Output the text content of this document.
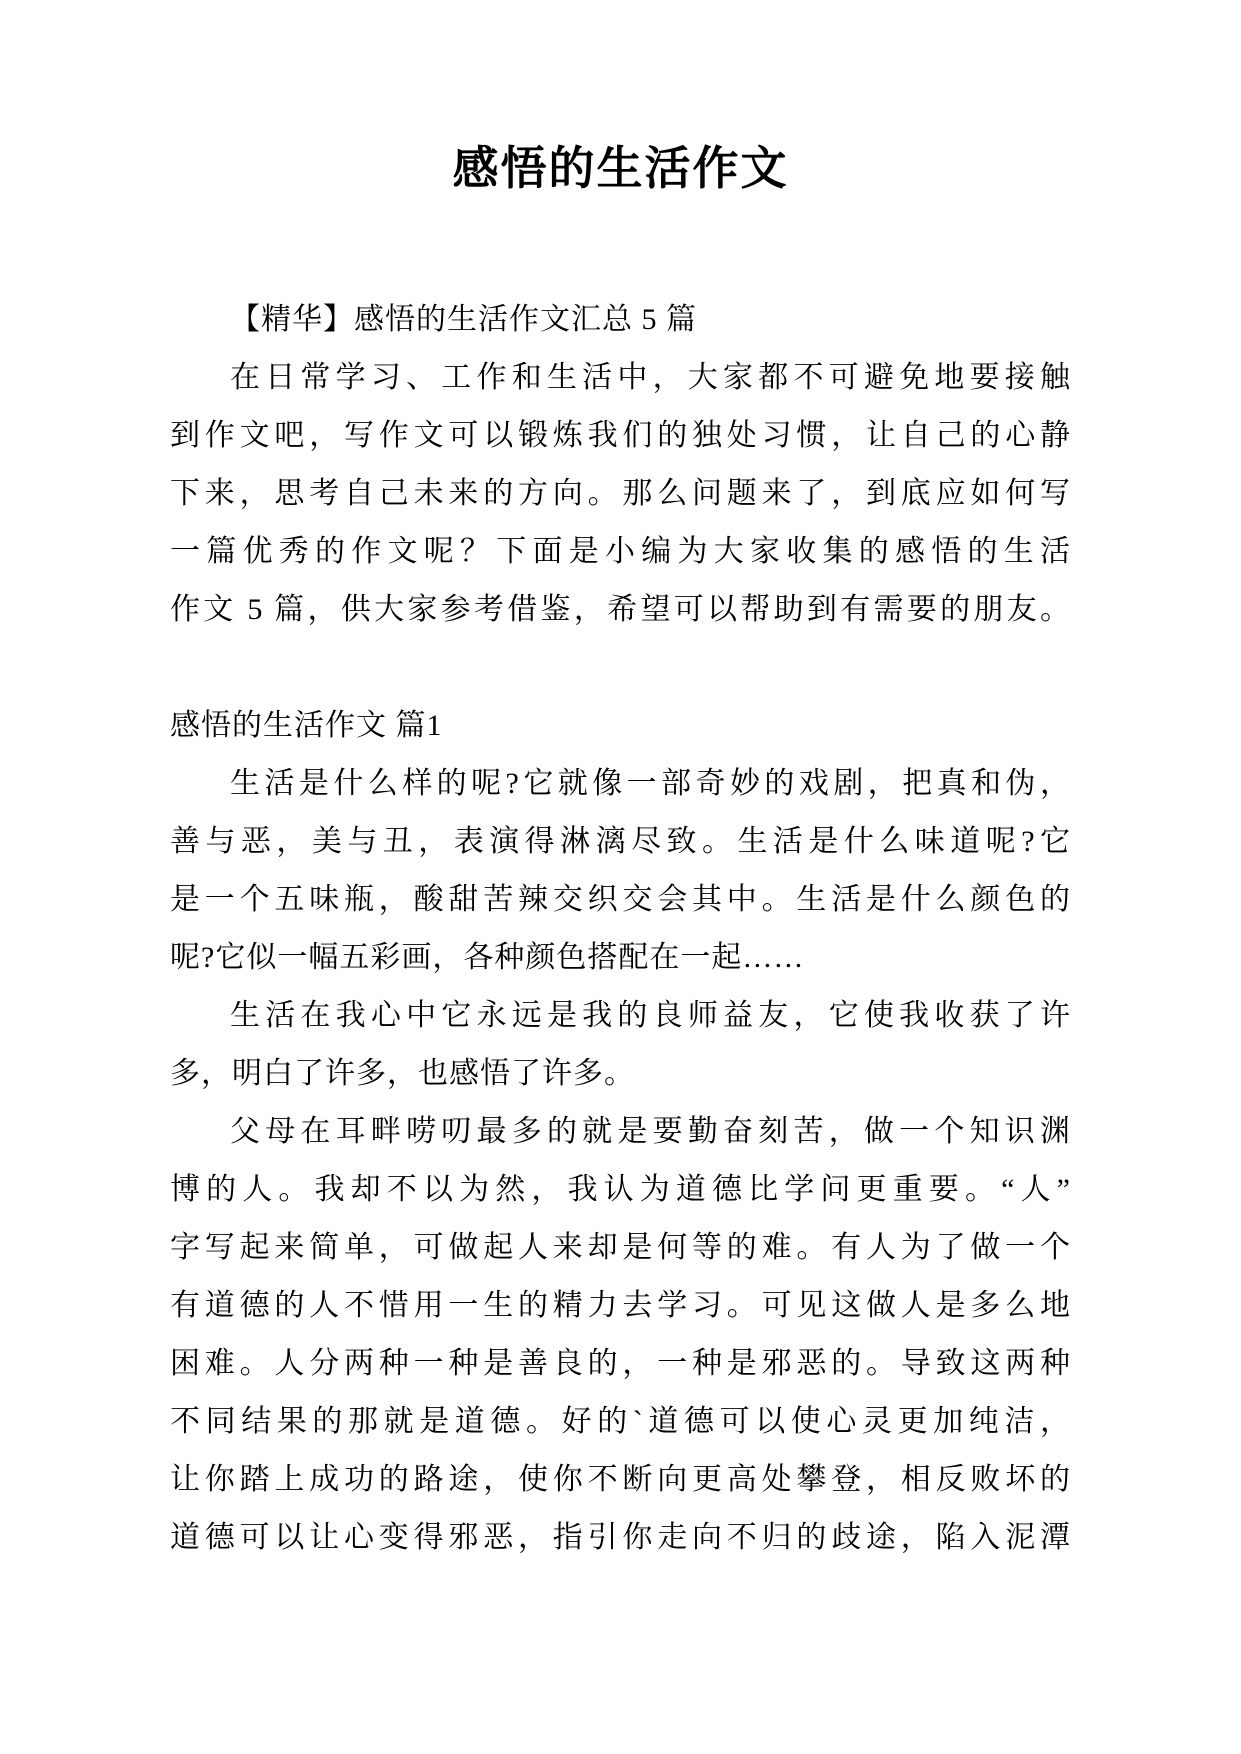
感悟的生活作文
【精华】感悟的生活作文汇总 5 篇
在日常学习、工作和生活中，大家都不可避免地要接触
到作文吧，写作文可以锻炼我们的独处习惯，让自己的心静
下来，思考自己未来的方向。那么问题来了，到底应如何写
一篇优秀的作文呢？下面是小编为大家收集的感悟的生活
作文 5 篇，供大家参考借鉴，希望可以帮助到有需要的朋友。
感悟的生活作文 篇1
生活是什么样的呢?它就像一部奇妙的戏剧，把真和伪，
善与恶，美与丑，表演得淋漓尽致。生活是什么味道呢?它
是一个五味瓶，酸甜苦辣交织交会其中。生活是什么颜色的
呢?它似一幅五彩画，各种颜色搭配在一起……
生活在我心中它永远是我的良师益友，它使我收获了许
多，明白了许多，也感悟了许多。
父母在耳畔唠叨最多的就是要勤奋刻苦，做一个知识渊
博的人。我却不以为然，我认为道德比学问更重要。“人”
字写起来简单，可做起人来却是何等的难。有人为了做一个
有道德的人不惜用一生的精力去学习。可见这做人是多么地
困难。人分两种一种是善良的，一种是邪恶的。导致这两种
不同结果的那就是道德。好的`道德可以使心灵更加纯洁，
让你踏上成功的路途，使你不断向更高处攀登，相反败坏的
道德可以让心变得邪恶，指引你走向不归的歧途，陷入泥潭
